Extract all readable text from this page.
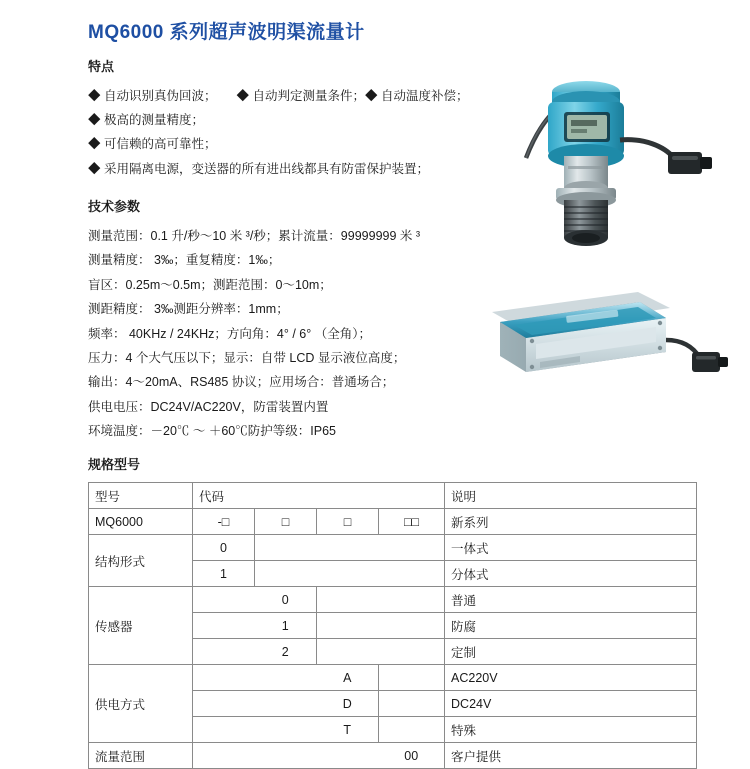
MQ6000 系列超声波明渠流量计
特点
◆ 自动识别真伪回波； ◆ 自动判定测量条件；◆ 自动温度补偿；
◆ 极高的测量精度；
◆ 可信赖的高可靠性；
◆ 采用隔离电源，变送器的所有进出线都具有防雷保护装置；
技术参数
测量范围：0.1 升/秒～10 米 ³/秒；累计流量：99999999 米 ³
测量精度： 3‰；重复精度：1‰；
盲区：0.25m～0.5m；测距范围：0～10m；
测距精度： 3‰测距分辨率：1mm；
频率： 40KHz / 24KHz；方向角：4° / 6° （全角）；
压力：4 个大气压以下；显示：自带 LCD 显示液位高度；
输出：4～20mA、RS485 协议；应用场合：普通场合；
供电电压：DC24V/AC220V，防雷装置内置
环境温度：－20℃ ～ ＋60℃防护等级：IP65
规格型号
型号	代码				说明
MQ6000	-□	□	□	□□	新系列
结构形式	0				一体式
	1				分体式
传感器		0			普通
		1			防腐
		2			定制
供电方式			A		AC220V
			D		DC24V
			T		特殊
流量范围				00	客户提供
